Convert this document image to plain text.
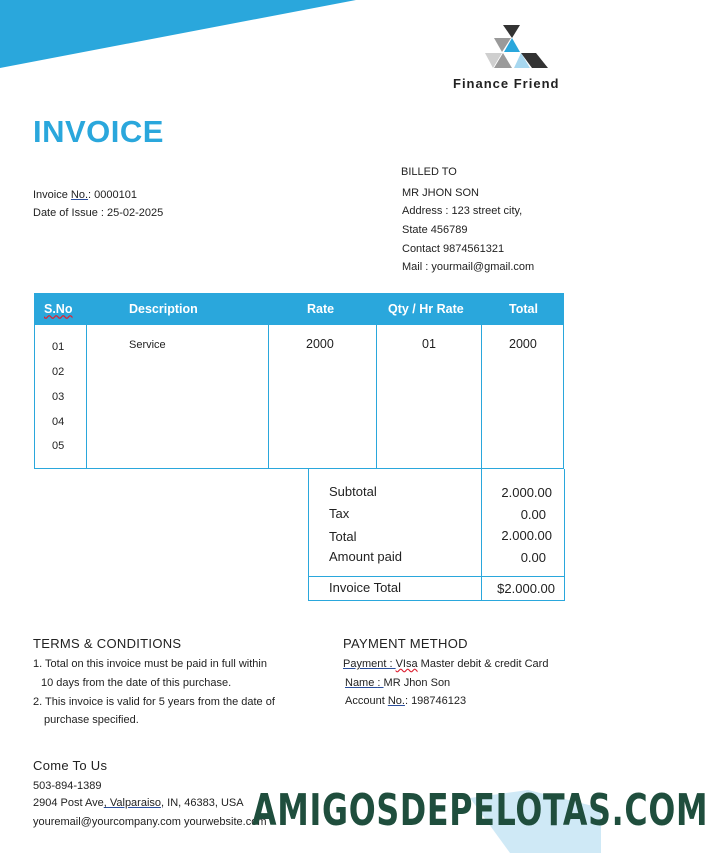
Finance Friend
INVOICE
Invoice No.: 0000101
Date of Issue : 25-02-2025
BILLED TO
MR JHON SON
Address : 123 street city,
State 456789
Contact 9874561321
Mail : yourmail@gmail.com
S.No	Description	Rate	Qty / Hr Rate	Total
01	Service	2000	01	2000
02
03
04
05
Subtotal	2.000.00
Tax	0.00
Total	2.000.00
Amount paid	0.00
Invoice Total	$2.000.00
TERMS & CONDITIONS
1. Total on this invoice must be paid in full within
10 days from the date of this purchase.
2. This invoice is valid for 5 years from the date of
purchase specified.
PAYMENT METHOD
Payment : VIsa Master debit & credit Card
Name : MR Jhon Son
Account No.: 198746123
Come To Us
503-894-1389
2904 Post Ave, Valparaiso, IN, 46383, USA
youremail@yourcompany.com yourwebsite.com
AMIGOSDEPELOTAS.COM
